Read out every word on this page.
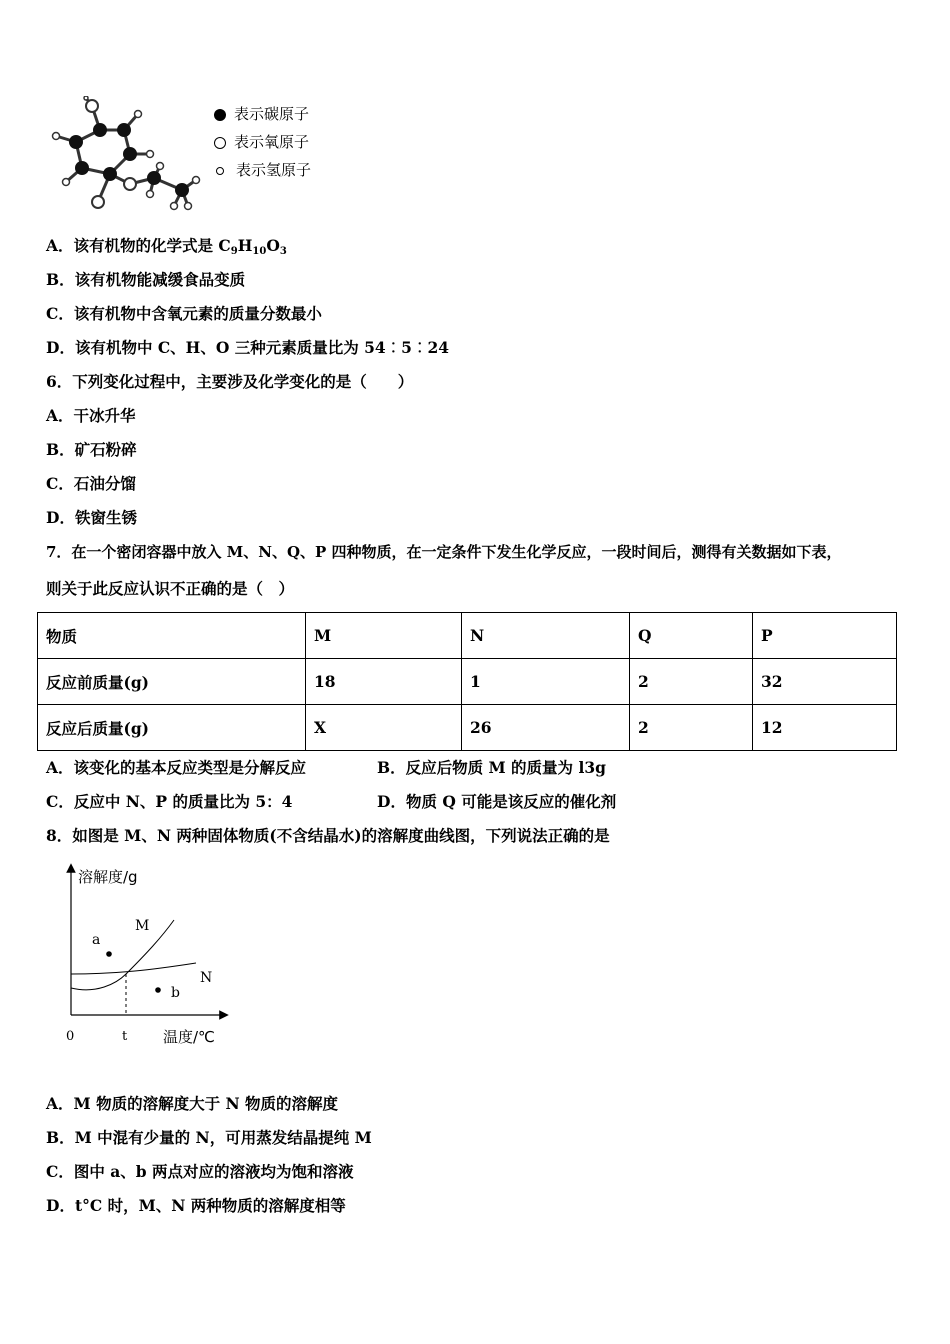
表示碳原子
表示氧原子
表示氢原子
A．该有机物的化学式是 $C_9H_{10}O_3$
B．该有机物能减缓食品变质
C．该有机物中含氧元素的质量分数最小
D．该有机物中 C、H、O 三种元素质量比为 54︰5︰24
6．下列变化过程中，主要涉及化学变化的是（　　）
A．干冰升华
B．矿石粉碎
C．石油分馏
D．铁窗生锈
7．在一个密闭容器中放入 M、N、Q、P 四种物质，在一定条件下发生化学反应，一段时间后，测得有关数据如下表，
则关于此反应认识不正确的是（　）
物质	M	N	Q	P
反应前质量(g)	18	1	2	32
反应后质量(g)	X	26	2	12
A．该变化的基本反应类型是分解反应	B．反应后物质 M 的质量为 l3g
C．反应中 N、P 的质量比为 5：4	D．物质 Q 可能是该反应的催化剂
8．如图是 M、N 两种固体物质(不含结晶水)的溶解度曲线图，下列说法正确的是
溶解度/g
温度/℃
0	t
M
N
a
b
A．M 物质的溶解度大于 N 物质的溶解度
B．M 中混有少量的 N，可用蒸发结晶提纯 M
C．图中 a、b 两点对应的溶液均为饱和溶液
D．t°C 时，M、N 两种物质的溶解度相等
